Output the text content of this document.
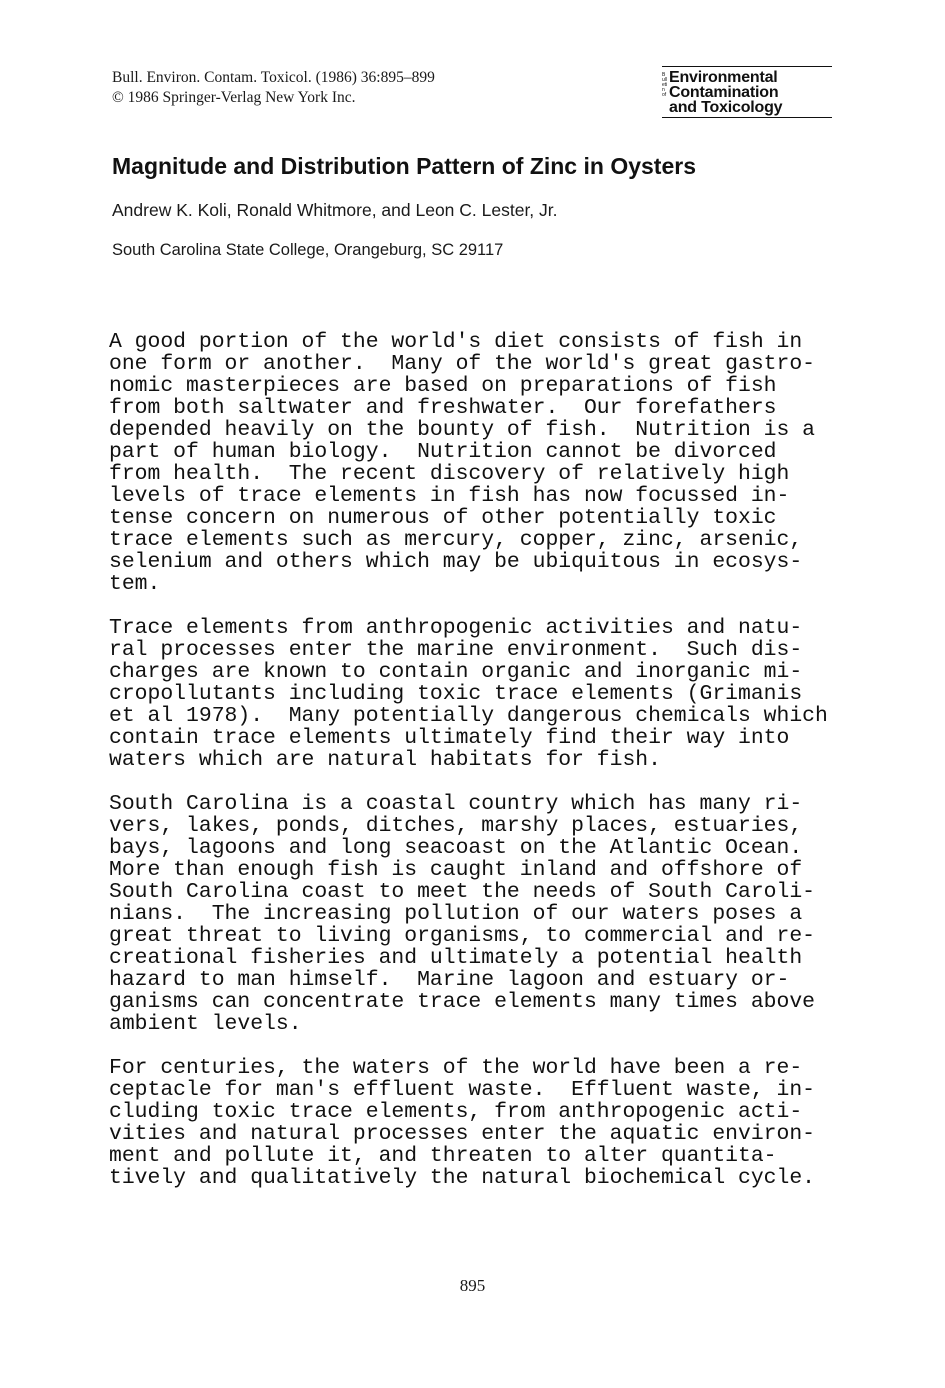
Bull. Environ. Contam. Toxicol. (1986) 36:895–899
© 1986 Springer-Verlag New York Inc.
Bulletin of
Environmental
Contamination
and Toxicology
Magnitude and Distribution Pattern of Zinc in Oysters
Andrew K. Koli, Ronald Whitmore, and Leon C. Lester, Jr.
South Carolina State College, Orangeburg, SC 29117

A good portion of the world's diet consists of fish in
one form or another.  Many of the world's great gastro-
nomic masterpieces are based on preparations of fish
from both saltwater and freshwater.  Our forefathers
depended heavily on the bounty of fish.  Nutrition is a
part of human biology.  Nutrition cannot be divorced
from health.  The recent discovery of relatively high
levels of trace elements in fish has now focussed in-
tense concern on numerous of other potentially toxic
trace elements such as mercury, copper, zinc, arsenic,
selenium and others which may be ubiquitous in ecosys-
tem.

Trace elements from anthropogenic activities and natu-
ral processes enter the marine environment.  Such dis-
charges are known to contain organic and inorganic mi-
cropollutants including toxic trace elements (Grimanis
et al 1978).  Many potentially dangerous chemicals which
contain trace elements ultimately find their way into
waters which are natural habitats for fish.

South Carolina is a coastal country which has many ri-
vers, lakes, ponds, ditches, marshy places, estuaries,
bays, lagoons and long seacoast on the Atlantic Ocean.
More than enough fish is caught inland and offshore of
South Carolina coast to meet the needs of South Caroli-
nians.  The increasing pollution of our waters poses a
great threat to living organisms, to commercial and re-
creational fisheries and ultimately a potential health
hazard to man himself.  Marine lagoon and estuary or-
ganisms can concentrate trace elements many times above
ambient levels.

For centuries, the waters of the world have been a re-
ceptacle for man's effluent waste.  Effluent waste, in-
cluding toxic trace elements, from anthropogenic acti-
vities and natural processes enter the aquatic environ-
ment and pollute it, and threaten to alter quantita-
tively and qualitatively the natural biochemical cycle.

895
